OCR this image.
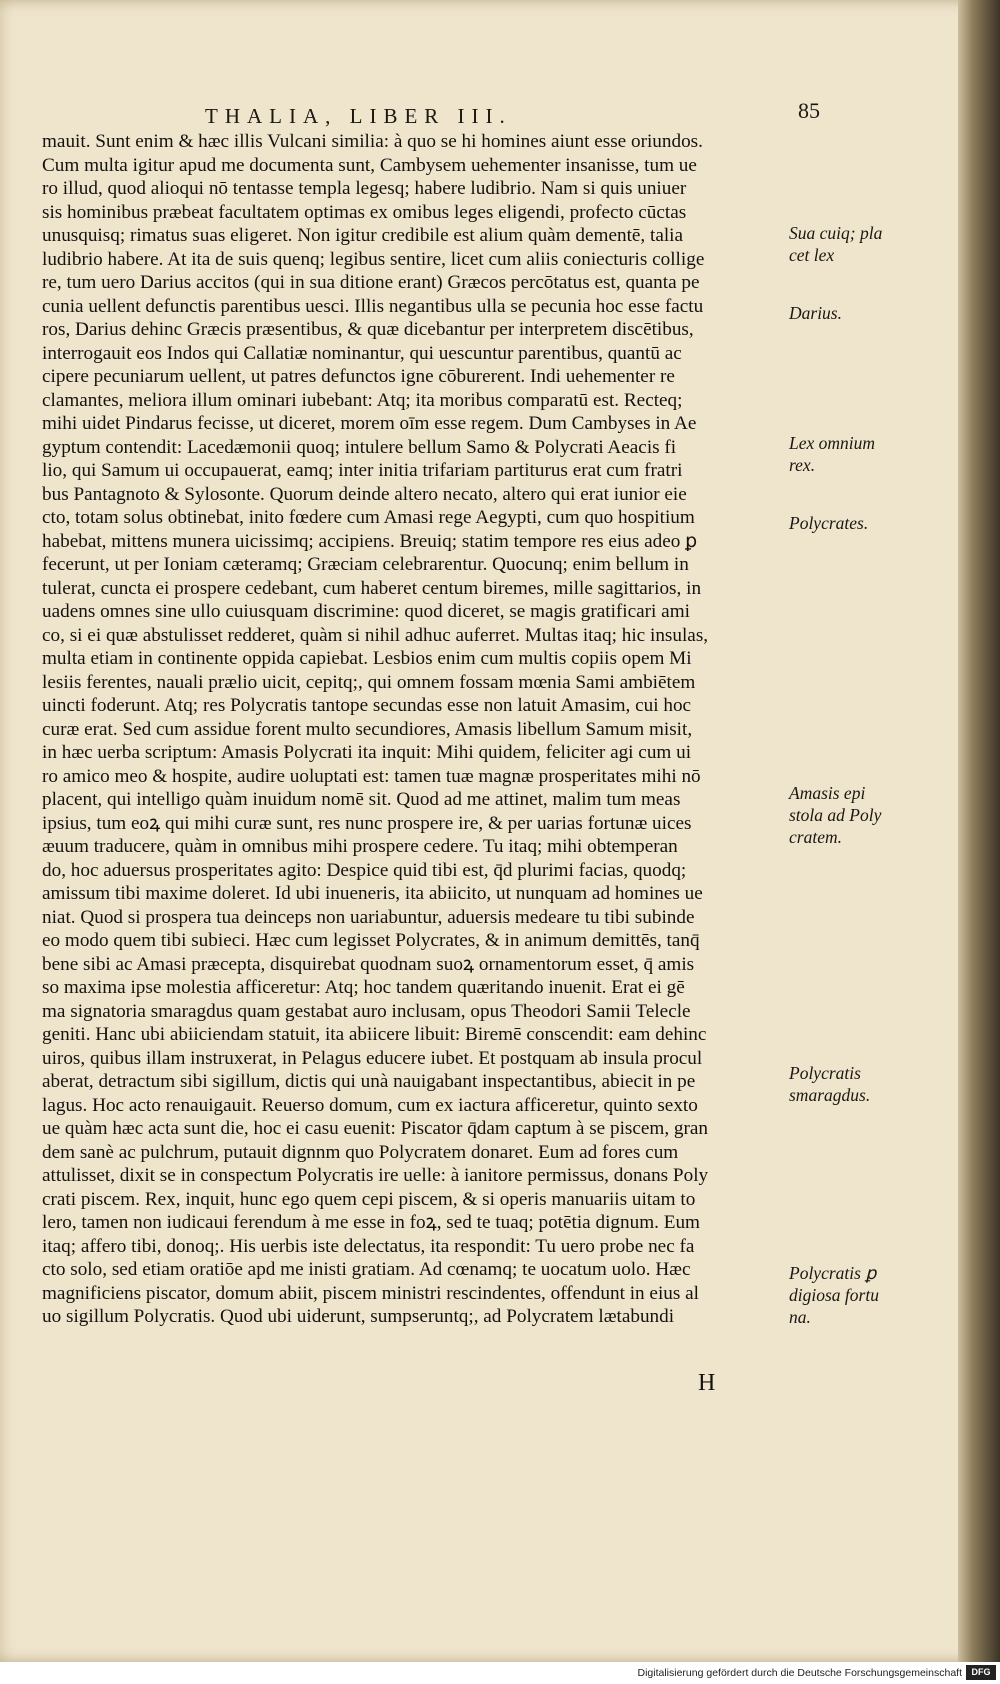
THALIA, LIBER III.	85
mauit. Sunt enim & hæc illis Vulcani similia: à quo se hi homines aiunt esse oriundos.
Cum multa igitur apud me documenta sunt, Cambysem uehementer insanisse, tum ue
ro illud, quod alioqui nō tentasse templa legesq; habere ludibrio. Nam si quis uniuer
sis hominibus præbeat facultatem optimas ex omibus leges eligendi, profecto cūctas
unusquisq; rimatus suas eligeret. Non igitur credibile est alium quàm dementē, talia
ludibrio habere. At ita de suis quenq; legibus sentire, licet cum aliis coniecturis collige
re, tum uero Darius accitos (qui in sua ditione erant) Græcos percōtatus est, quanta pe
cunia uellent defunctis parentibus uesci. Illis negantibus ulla se pecunia hoc esse factu
ros, Darius dehinc Græcis præsentibus, & quæ dicebantur per interpretem discētibus,
interrogauit eos Indos qui Callatiæ nominantur, qui uescuntur parentibus, quantū ac
cipere pecuniarum uellent, ut patres defunctos igne cōburerent. Indi uehementer re
clamantes, meliora illum ominari iubebant: Atq; ita moribus comparatū est. Recteq;
mihi uidet Pindarus fecisse, ut diceret, morem oīm esse regem. Dum Cambyses in Ae
gyptum contendit: Lacedæmonii quoq; intulere bellum Samo & Polycrati Aeacis fi
lio, qui Samum ui occupauerat, eamq; inter initia trifariam partiturus erat cum fratri
bus Pantagnoto & Sylosonte. Quorum deinde altero necato, altero qui erat iunior eie
cto, totam solus obtinebat, inito fœdere cum Amasi rege Aegypti, cum quo hospitium
habebat, mittens munera uicissimq; accipiens. Breuiq; statim tempore res eius adeo ꝑ
fecerunt, ut per Ioniam cæteramq; Græciam celebrarentur. Quocunq; enim bellum in
tulerat, cuncta ei prospere cedebant, cum haberet centum biremes, mille sagittarios, in
uadens omnes sine ullo cuiusquam discrimine: quod diceret, se magis gratificari ami
co, si ei quæ abstulisset redderet, quàm si nihil adhuc auferret. Multas itaq; hic insulas,
multa etiam in continente oppida capiebat. Lesbios enim cum multis copiis opem Mi
lesiis ferentes, nauali prælio uicit, cepitq;, qui omnem fossam mœnia Sami ambiētem
uincti foderunt. Atq; res Polycratis tantope secundas esse non latuit Amasim, cui hoc
curæ erat. Sed cum assidue forent multo secundiores, Amasis libellum Samum misit,
in hæc uerba scriptum: Amasis Polycrati ita inquit: Mihi quidem, feliciter agi cum ui
ro amico meo & hospite, audire uoluptati est: tamen tuæ magnæ prosperitates mihi nō
placent, qui intelligo quàm inuidum nomē sit. Quod ad me attinet, malim tum meas
ipsius, tum eoꝝ qui mihi curæ sunt, res nunc prospere ire, & per uarias fortunæ uices
æuum traducere, quàm in omnibus mihi prospere cedere. Tu itaq; mihi obtemperan
do, hoc aduersus prosperitates agito: Despice quid tibi est, q̄d plurimi facias, quodq;
amissum tibi maxime doleret. Id ubi inueneris, ita abiicito, ut nunquam ad homines ue
niat. Quod si prospera tua deinceps non uariabuntur, aduersis medeare tu tibi subinde
eo modo quem tibi subieci. Hæc cum legisset Polycrates, & in animum demittēs, tanq̄
bene sibi ac Amasi præcepta, disquirebat quodnam suoꝝ ornamentorum esset, q̄ amis
so maxima ipse molestia afficeretur: Atq; hoc tandem quæritando inuenit. Erat ei gē
ma signatoria smaragdus quam gestabat auro inclusam, opus Theodori Samii Telecle
geniti. Hanc ubi abiiciendam statuit, ita abiicere libuit: Biremē conscendit: eam dehinc
uiros, quibus illam instruxerat, in Pelagus educere iubet. Et postquam ab insula procul
aberat, detractum sibi sigillum, dictis qui unà nauigabant inspectantibus, abiecit in pe
lagus. Hoc acto renauigauit. Reuerso domum, cum ex iactura afficeretur, quinto sexto
ue quàm hæc acta sunt die, hoc ei casu euenit: Piscator q̄dam captum à se piscem, gran
dem sanè ac pulchrum, putauit dignnm quo Polycratem donaret. Eum ad fores cum
attulisset, dixit se in conspectum Polycratis ire uelle: à ianitore permissus, donans Poly
crati piscem. Rex, inquit, hunc ego quem cepi piscem, & si operis manuariis uitam to
lero, tamen non iudicaui ferendum à me esse in foꝝ, sed te tuaq; potētia dignum. Eum
itaq; affero tibi, donoq;. His uerbis iste delectatus, ita respondit: Tu uero probe nec fa
cto solo, sed etiam oratiōe apd me inisti gratiam. Ad cœnamq; te uocatum uolo. Hæc
magnificiens piscator, domum abiit, piscem ministri rescindentes, offendunt in eius al
uo sigillum Polycratis. Quod ubi uiderunt, sumpseruntq;, ad Polycratem lætabundi
H
Sua cuiq; pla
cet lex
Darius.
Lex omnium
rex.
Polycrates.
Amasis epi
stola ad Poly
cratem.
Polycratis
smaragdus.
Polycratis ꝑ
digiosa fortu
na.
Digitalisierung gefördert durch die Deutsche Forschungsgemeinschaft	DFG
